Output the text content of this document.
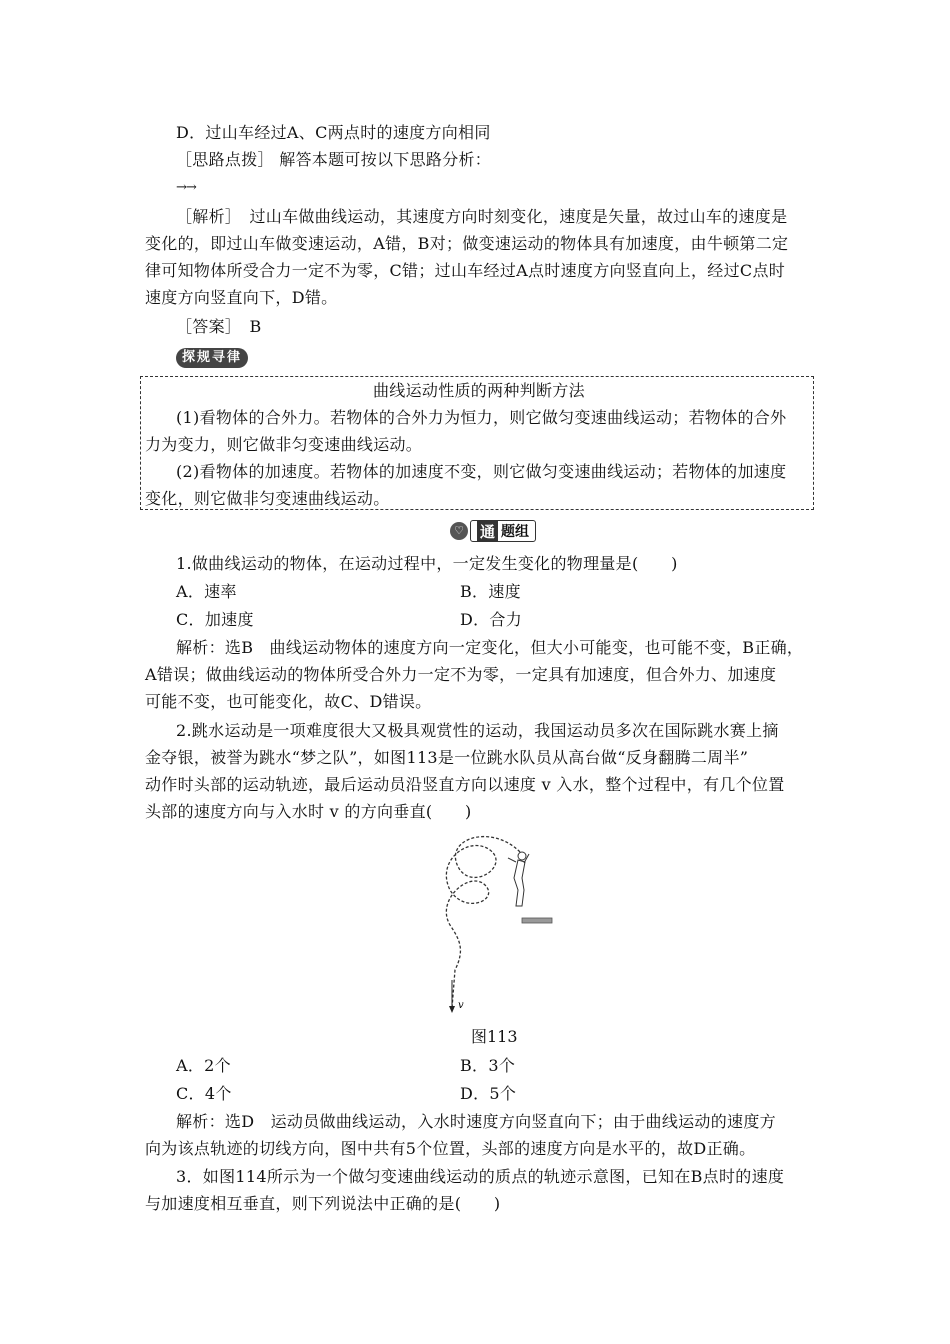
D．过山车经过A、C两点时的速度方向相同
［思路点拨］ 解答本题可按以下思路分析：
→→
［解析］　过山车做曲线运动，其速度方向时刻变化，速度是矢量，故过山车的速度是
变化的，即过山车做变速运动，A错，B对；做变速运动的物体具有加速度，由牛顿第二定
律可知物体所受合力一定不为零，C错；过山车经过A点时速度方向竖直向上，经过C点时
速度方向竖直向下，D错。
［答案］　B
探规寻律
曲线运动性质的两种判断方法
(1)看物体的合外力。若物体的合外力为恒力，则它做匀变速曲线运动；若物体的合外
力为变力，则它做非匀变速曲线运动。
(2)看物体的加速度。若物体的加速度不变，则它做匀变速曲线运动；若物体的加速度
变化，则它做非匀变速曲线运动。
♡ 通 题组
1.做曲线运动的物体，在运动过程中，一定发生变化的物理量是(　　)
A．速率	B．速度
C．加速度	D．合力
解析：选B　曲线运动物体的速度方向一定变化，但大小可能变，也可能不变，B正确，
A错误；做曲线运动的物体所受合外力一定不为零，一定具有加速度，但合外力、加速度
可能不变，也可能变化，故C、D错误。
2.跳水运动是一项难度很大又极具观赏性的运动，我国运动员多次在国际跳水赛上摘
金夺银，被誉为跳水“梦之队”，如图113是一位跳水队员从高台做“反身翻腾二周半”
动作时头部的运动轨迹，最后运动员沿竖直方向以速度 v 入水，整个过程中，有几个位置
头部的速度方向与入水时 v 的方向垂直(　　)
v
图113
A．2个	B．3个
C．4个	D．5个
解析：选D　运动员做曲线运动，入水时速度方向竖直向下；由于曲线运动的速度方
向为该点轨迹的切线方向，图中共有5个位置，头部的速度方向是水平的，故D正确。
3．如图114所示为一个做匀变速曲线运动的质点的轨迹示意图，已知在B点时的速度
与加速度相互垂直，则下列说法中正确的是(　　)
